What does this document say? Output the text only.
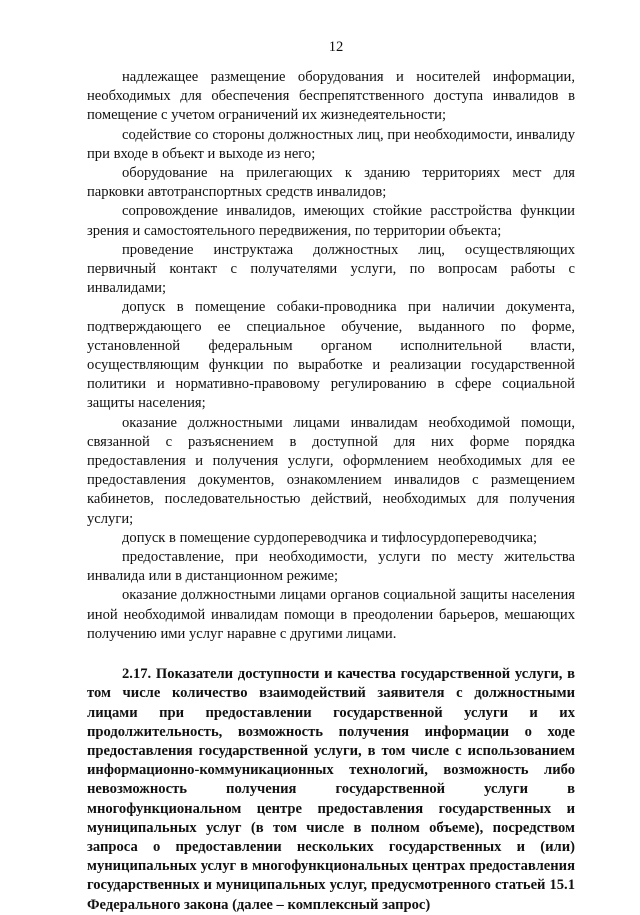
12

надлежащее размещение оборудования и носителей информации, необходимых для обеспечения беспрепятственного доступа инвалидов в помещение с учетом ограничений их жизнедеятельности;

содействие со стороны должностных лиц, при необходимости, инвалиду при входе в объект и выходе из него;

оборудование на прилегающих к зданию территориях мест для парковки автотранспортных средств инвалидов;

сопровождение инвалидов, имеющих стойкие расстройства функции зрения и самостоятельного передвижения, по территории объекта;

проведение инструктажа должностных лиц, осуществляющих первичный контакт с получателями услуги, по вопросам работы с инвалидами;

допуск в помещение собаки-проводника при наличии документа, подтверждающего ее специальное обучение, выданного по форме, установленной федеральным органом исполнительной власти, осуществляющим функции по выработке и реализации государственной политики и нормативно-правовому регулированию в сфере социальной защиты населения;

оказание должностными лицами инвалидам необходимой помощи, связанной с разъяснением в доступной для них форме порядка предоставления и получения услуги, оформлением необходимых для ее предоставления документов, ознакомлением инвалидов с размещением кабинетов, последовательностью действий, необходимых для получения услуги;

допуск в помещение сурдопереводчика и тифлосурдопереводчика;

предоставление, при необходимости, услуги по месту жительства инвалида или в дистанционном режиме;

оказание должностными лицами органов социальной защиты населения иной необходимой инвалидам помощи в преодолении барьеров, мешающих получению ими услуг наравне с другими лицами.

2.17. Показатели доступности и качества государственной услуги, в том числе количество взаимодействий заявителя с должностными лицами при предоставлении государственной услуги и их продолжительность, возможность получения информации о ходе предоставления государственной услуги, в том числе с использованием информационно-коммуникационных технологий, возможность либо невозможность получения государственной услуги в многофункциональном центре предоставления государственных и муниципальных услуг (в том числе в полном объеме), посредством запроса о предоставлении нескольких государственных и (или) муниципальных услуг в многофункциональных центрах предоставления государственных и муниципальных услуг, предусмотренного статьей 15.1 Федерального закона (далее – комплексный запрос)
